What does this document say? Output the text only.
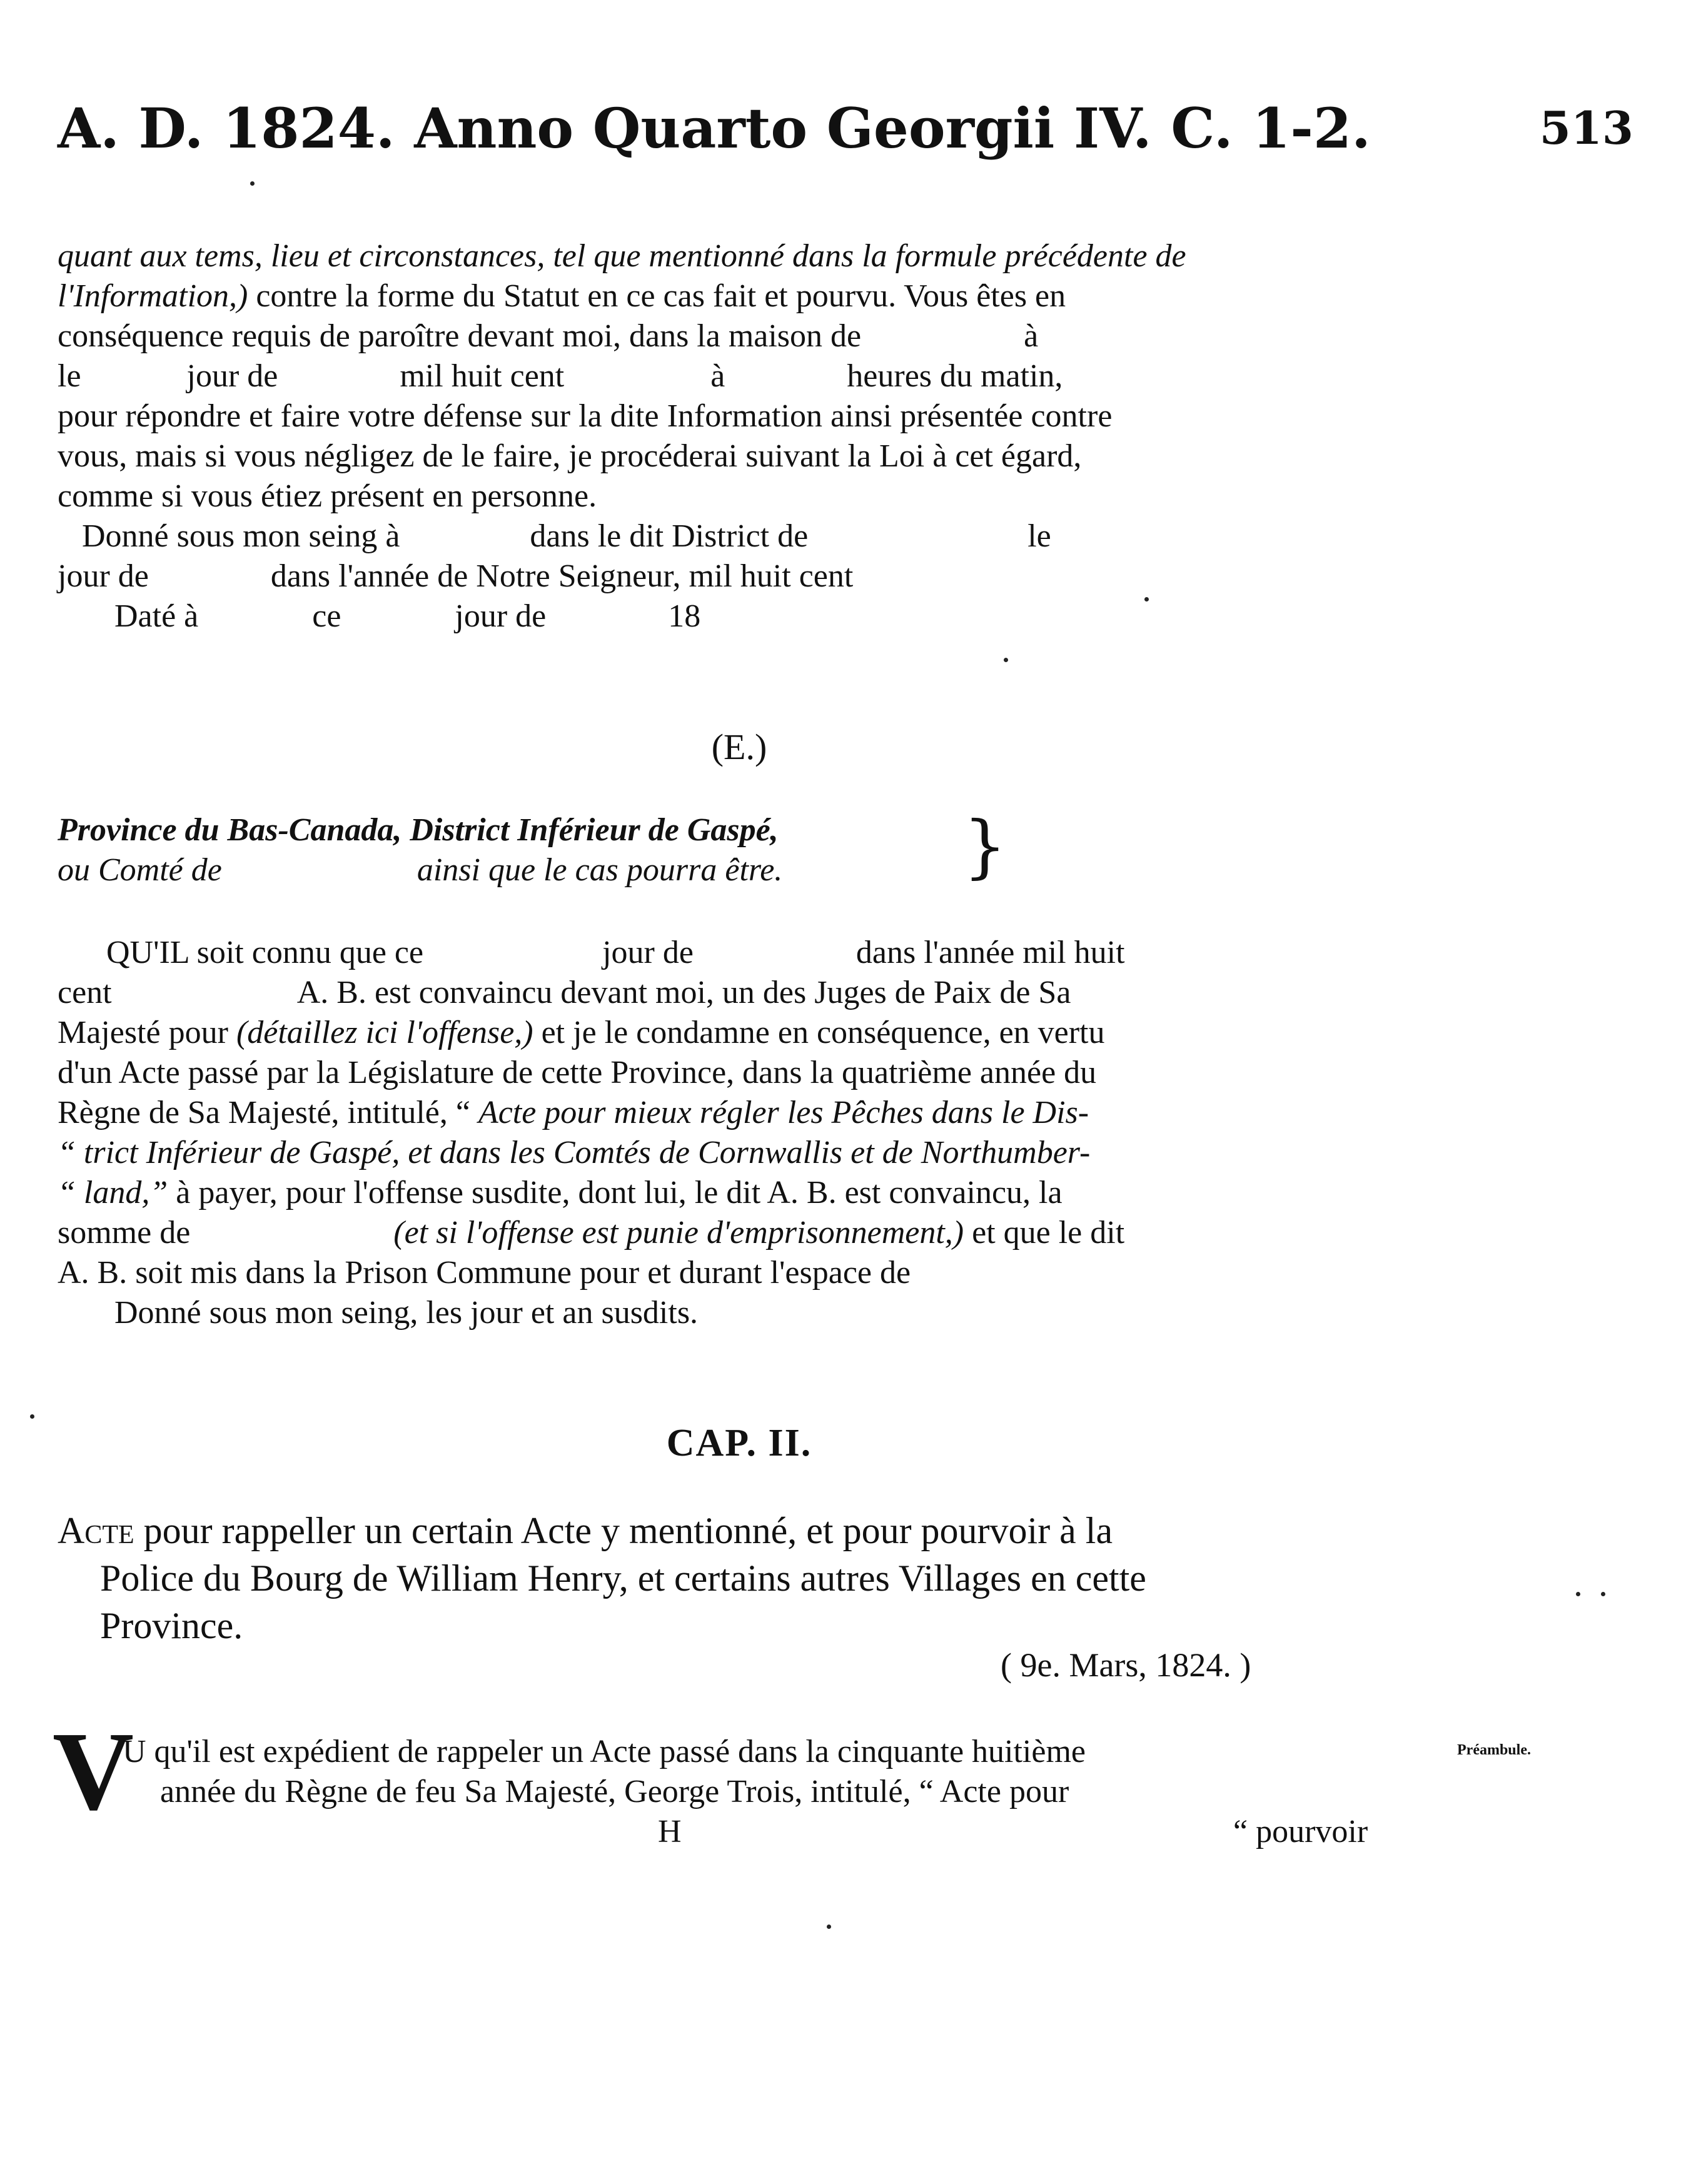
A. D. 1824. Anno Quarto Georgii IV. C. 1-2.	513
quant aux tems, lieu et circonstances, tel que mentionné dans la formule précédente de
l'Information,) contre la forme du Statut en ce cas fait et pourvu. Vous êtes en
conséquence requis de paroître devant moi, dans la maison de                    à
le             jour de               mil huit cent                  à               heures du matin,
pour répondre et faire votre défense sur la dite Information ainsi présentée contre
vous, mais si vous négligez de le faire, je procéderai suivant la Loi à cet égard,
comme si vous étiez présent en personne.
Donné sous mon seing à                dans le dit District de                           le
jour de               dans l'année de Notre Seigneur, mil huit cent
Daté à              ce              jour de               18
(E.)
Province du Bas-Canada, District Inférieur de Gaspé,
ou Comté de                        ainsi que le cas pourra être.	}
QU'IL soit connu que ce                      jour de                    dans l'année mil huit
cent                       A. B. est convaincu devant moi, un des Juges de Paix de Sa
Majesté pour (détaillez ici l'offense,) et je le condamne en conséquence, en vertu
d'un Acte passé par la Législature de cette Province, dans la quatrième année du
Règne de Sa Majesté, intitulé, “ Acte pour mieux régler les Pêches dans le Dis-
“ trict Inférieur de Gaspé, et dans les Comtés de Cornwallis et de Northumber-
“ land,” à payer, pour l'offense susdite, dont lui, le dit A. B. est convaincu, la
somme de                         (et si l'offense est punie d'emprisonnement,) et que le dit
A. B. soit mis dans la Prison Commune pour et durant l'espace de
Donné sous mon seing, les jour et an susdits.
CAP. II.
Acte pour rappeller un certain Acte y mentionné, et pour pourvoir à la
Police du Bourg de William Henry, et certains autres Villages en cette
Province.
( 9e. Mars, 1824. )
V
U qu'il est expédient de rappeler un Acte passé dans la cinquante huitième
année du Règne de feu Sa Majesté, George Trois, intitulé, “ Acte pour
H	“ pourvoir
Préambule.
